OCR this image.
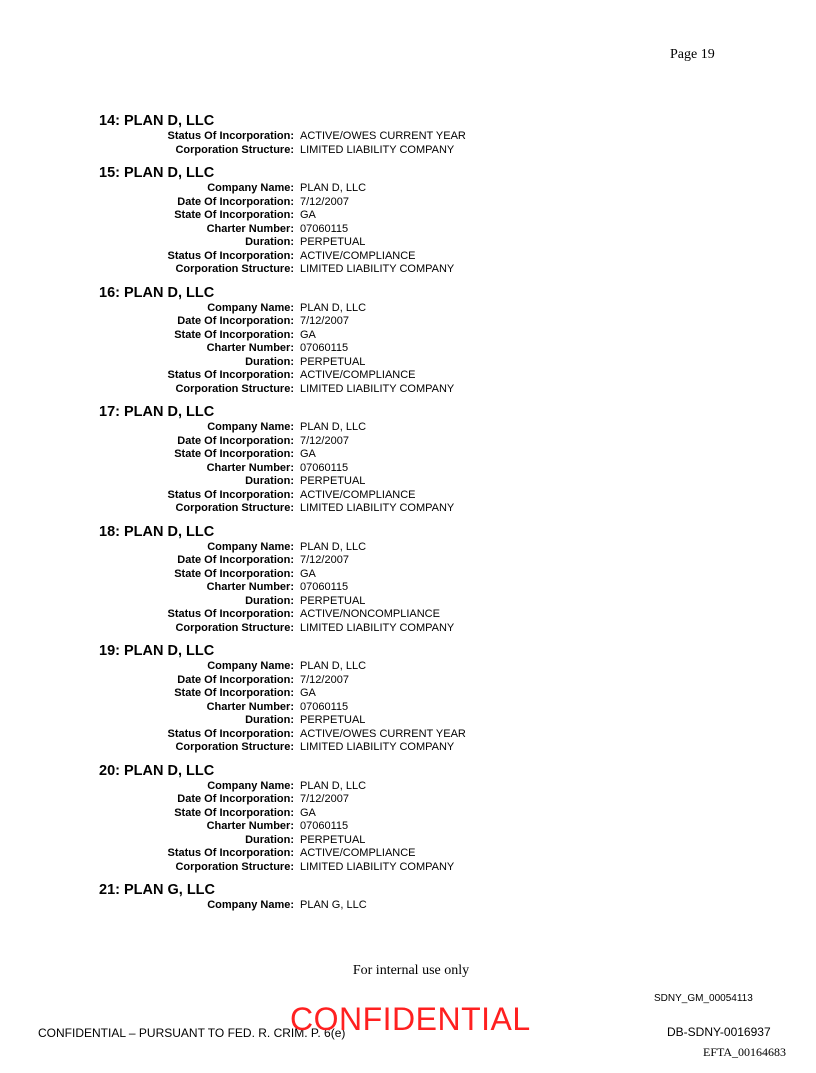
Page 19
14: PLAN D, LLC
Status Of Incorporation: ACTIVE/OWES CURRENT YEAR
Corporation Structure: LIMITED LIABILITY COMPANY
15: PLAN D, LLC
Company Name: PLAN D, LLC
Date Of Incorporation: 7/12/2007
State Of Incorporation: GA
Charter Number: 07060115
Duration: PERPETUAL
Status Of Incorporation: ACTIVE/COMPLIANCE
Corporation Structure: LIMITED LIABILITY COMPANY
16: PLAN D, LLC
Company Name: PLAN D, LLC
Date Of Incorporation: 7/12/2007
State Of Incorporation: GA
Charter Number: 07060115
Duration: PERPETUAL
Status Of Incorporation: ACTIVE/COMPLIANCE
Corporation Structure: LIMITED LIABILITY COMPANY
17: PLAN D, LLC
Company Name: PLAN D, LLC
Date Of Incorporation: 7/12/2007
State Of Incorporation: GA
Charter Number: 07060115
Duration: PERPETUAL
Status Of Incorporation: ACTIVE/COMPLIANCE
Corporation Structure: LIMITED LIABILITY COMPANY
18: PLAN D, LLC
Company Name: PLAN D, LLC
Date Of Incorporation: 7/12/2007
State Of Incorporation: GA
Charter Number: 07060115
Duration: PERPETUAL
Status Of Incorporation: ACTIVE/NONCOMPLIANCE
Corporation Structure: LIMITED LIABILITY COMPANY
19: PLAN D, LLC
Company Name: PLAN D, LLC
Date Of Incorporation: 7/12/2007
State Of Incorporation: GA
Charter Number: 07060115
Duration: PERPETUAL
Status Of Incorporation: ACTIVE/OWES CURRENT YEAR
Corporation Structure: LIMITED LIABILITY COMPANY
20: PLAN D, LLC
Company Name: PLAN D, LLC
Date Of Incorporation: 7/12/2007
State Of Incorporation: GA
Charter Number: 07060115
Duration: PERPETUAL
Status Of Incorporation: ACTIVE/COMPLIANCE
Corporation Structure: LIMITED LIABILITY COMPANY
21: PLAN G, LLC
Company Name: PLAN G, LLC
For internal use only
SDNY_GM_00054113
CONFIDENTIAL – PURSUANT TO FED. R. CRIM. P. 6(e)
CONFIDENTIAL	DB-SDNY-0016937
EFTA_00164683
